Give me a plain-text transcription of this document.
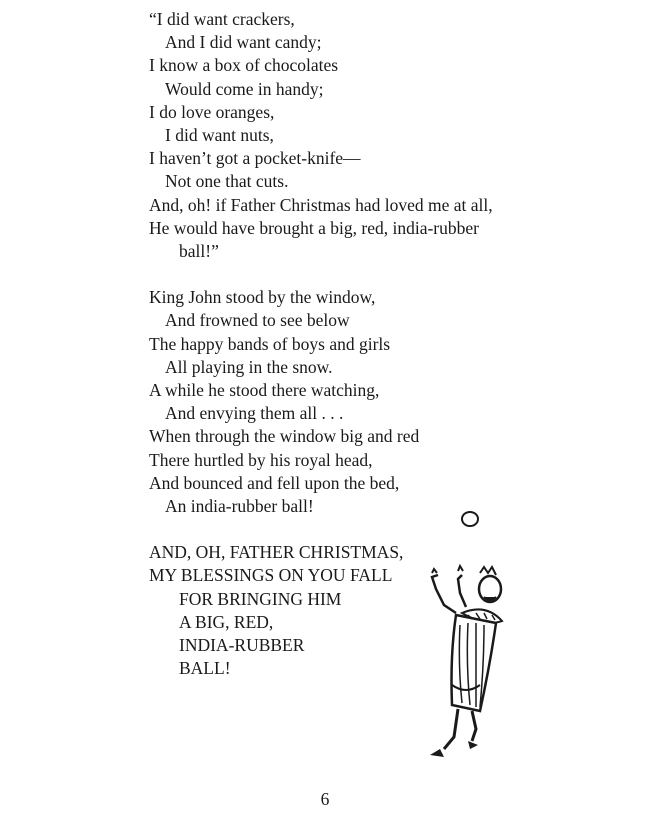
“I did want crackers,
And I did want candy;
I know a box of chocolates
Would come in handy;
I do love oranges,
I did want nuts,
I haven’t got a pocket-knife—
Not one that cuts.
And, oh! if Father Christmas had loved me at all,
He would have brought a big, red, india-rubber
ball!”
King John stood by the window,
And frowned to see below
The happy bands of boys and girls
All playing in the snow.
A while he stood there watching,
And envying them all . . .
When through the window big and red
There hurtled by his royal head,
And bounced and fell upon the bed,
An india-rubber ball!
AND, OH, FATHER CHRISTMAS,
MY BLESSINGS ON YOU FALL
FOR BRINGING HIM
A BIG, RED,
INDIA-RUBBER
BALL!
6
